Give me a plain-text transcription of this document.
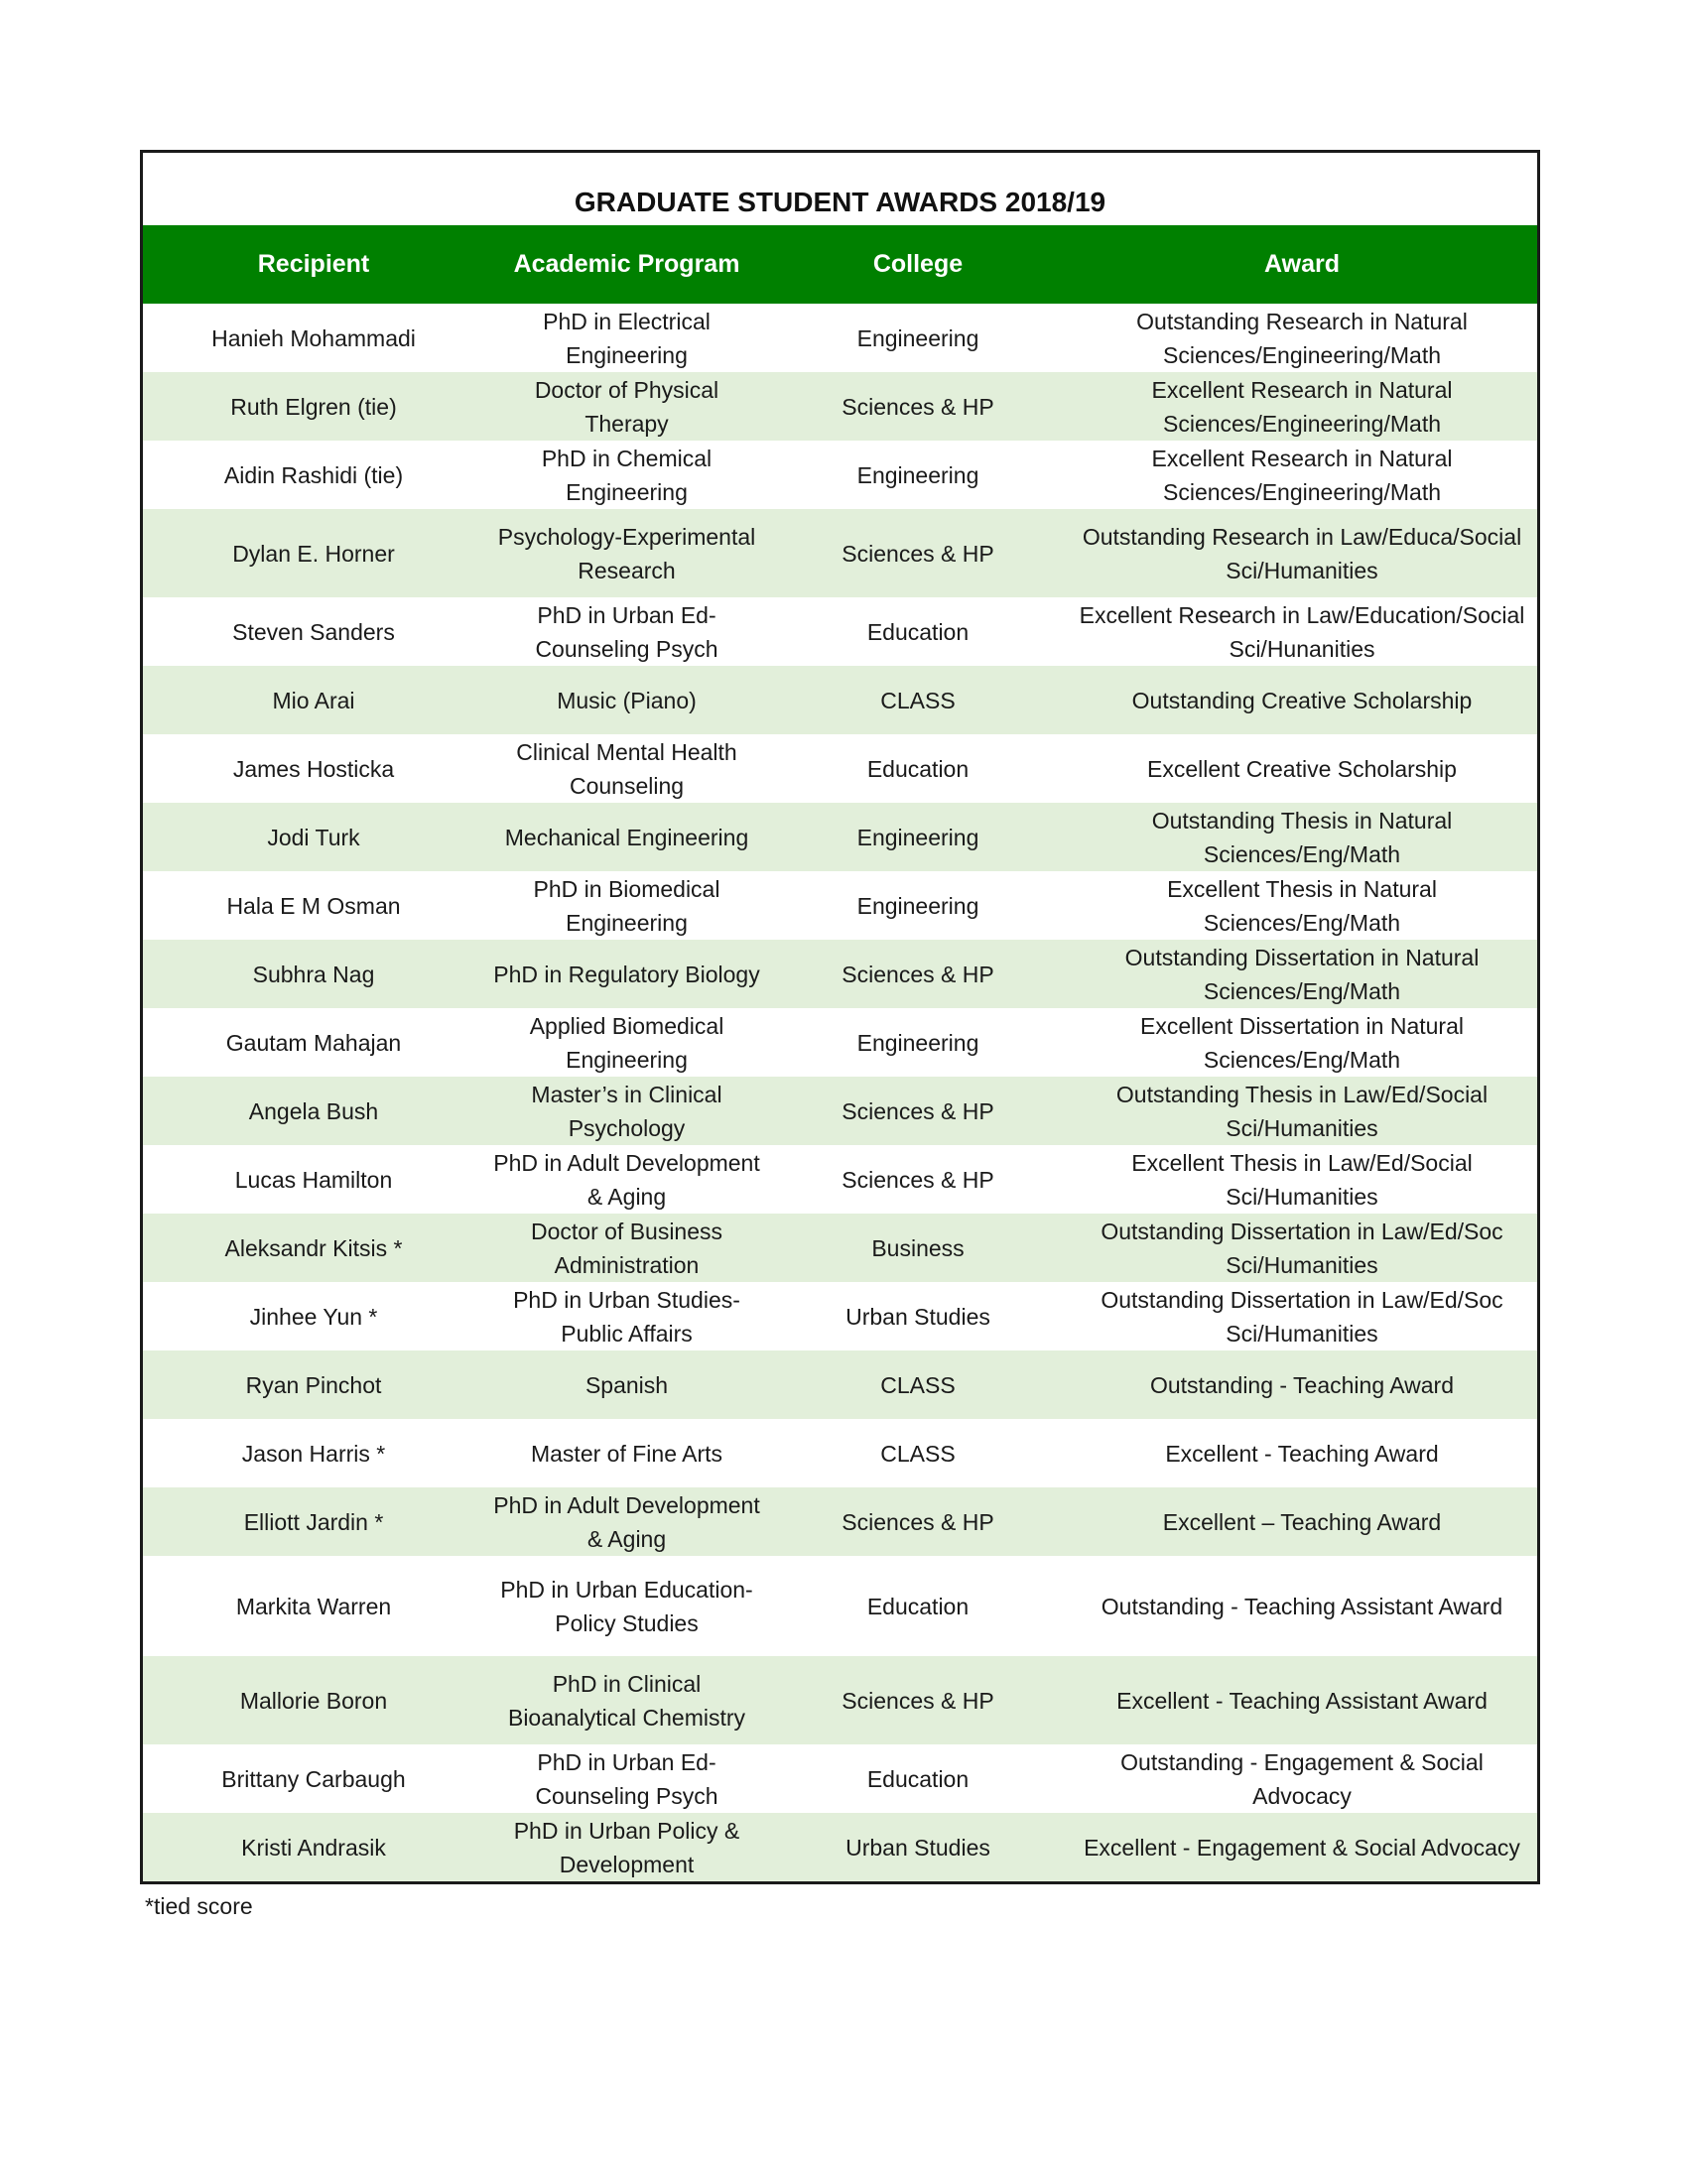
GRADUATE STUDENT AWARDS 2018/19
Recipient	Academic Program	College	Award
Hanieh Mohammadi	PhD in Electrical Engineering	Engineering	Outstanding Research in Natural Sciences/Engineering/Math
Ruth Elgren (tie)	Doctor of Physical Therapy	Sciences & HP	Excellent Research in Natural Sciences/Engineering/Math
Aidin Rashidi (tie)	PhD in Chemical Engineering	Engineering	Excellent Research in Natural Sciences/Engineering/Math
Dylan E. Horner	Psychology-Experimental Research	Sciences & HP	Outstanding Research in Law/Educa/Social Sci/Humanities
Steven Sanders	PhD in Urban Ed-Counseling Psych	Education	Excellent Research in Law/Education/Social Sci/Hunanities
Mio Arai	Music (Piano)	CLASS	Outstanding Creative Scholarship
James Hosticka	Clinical Mental Health Counseling	Education	Excellent Creative Scholarship
Jodi Turk	Mechanical Engineering	Engineering	Outstanding Thesis in Natural Sciences/Eng/Math
Hala E M Osman	PhD in Biomedical Engineering	Engineering	Excellent Thesis in Natural Sciences/Eng/Math
Subhra Nag	PhD in Regulatory Biology	Sciences & HP	Outstanding Dissertation in Natural Sciences/Eng/Math
Gautam Mahajan	Applied Biomedical Engineering	Engineering	Excellent Dissertation in Natural Sciences/Eng/Math
Angela Bush	Master’s in Clinical Psychology	Sciences & HP	Outstanding Thesis in Law/Ed/Social Sci/Humanities
Lucas Hamilton	PhD in Adult Development & Aging	Sciences & HP	Excellent Thesis in Law/Ed/Social Sci/Humanities
Aleksandr Kitsis *	Doctor of Business Administration	Business	Outstanding Dissertation in Law/Ed/Soc Sci/Humanities
Jinhee Yun *	PhD in Urban Studies-Public Affairs	Urban Studies	Outstanding Dissertation in Law/Ed/Soc Sci/Humanities
Ryan Pinchot	Spanish	CLASS	Outstanding - Teaching Award
Jason Harris *	Master of Fine Arts	CLASS	Excellent - Teaching Award
Elliott Jardin *	PhD in Adult Development & Aging	Sciences & HP	Excellent – Teaching Award
Markita Warren	PhD in Urban Education-Policy Studies	Education	Outstanding - Teaching Assistant Award
Mallorie Boron	PhD in Clinical Bioanalytical Chemistry	Sciences & HP	Excellent - Teaching Assistant Award
Brittany Carbaugh	PhD in Urban Ed-Counseling Psych	Education	Outstanding - Engagement & Social Advocacy
Kristi Andrasik	PhD in Urban Policy & Development	Urban Studies	Excellent - Engagement & Social Advocacy
*tied score
